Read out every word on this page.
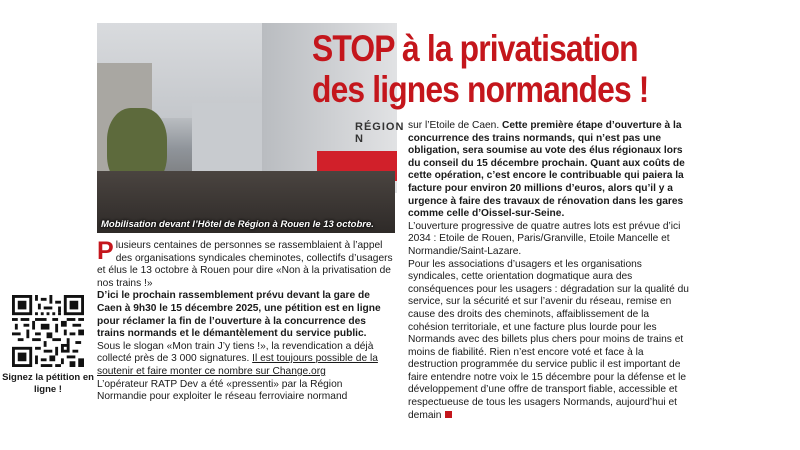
RÉGION N
Mobilisation devant l’Hôtel de Région à Rouen le 13 octobre.
STOP à la privatisation
des lignes normandes !

Plusieurs centaines de personnes se rassemblaient à l’appel des organisations syndicales cheminotes, collectifs d’usagers et élus le 13 octobre à Rouen pour dire «Non à la privatisation de nos trains !»

D’ici le prochain rassemblement prévu devant la gare de Caen à 9h30 le 15 décembre 2025, une pétition est en ligne pour réclamer la fin de l’ouverture à la concurrence des trains normands et le démantèlement du service public.

Sous le slogan «Mon train J’y tiens !», la revendication a déjà collecté près de 3 000 signatures. Il est toujours possible de la soutenir et faire monter ce nombre sur Change.org

L’opérateur RATP Dev a été «pressenti» par la Région Normandie pour exploiter le réseau ferroviaire normand

sur l’Etoile de Caen. Cette première étape d’ouverture à la concurrence des trains normands, qui n’est pas une obligation, sera soumise au vote des élus régionaux lors du conseil du 15 décembre prochain. Quant aux coûts de cette opération, c’est encore le contribuable qui paiera la facture pour environ 20 millions d’euros, alors qu’il y a urgence à faire des travaux de rénovation dans les gares comme celle d’Oissel-sur-Seine.

L’ouverture progressive de quatre autres lots est prévue d’ici 2034 : Etoile de Rouen, Paris/Granville, Etoile Mancelle et Normandie/Saint-Lazare.

Pour les associations d’usagers et les organisations syndicales, cette orientation dogmatique aura des conséquences pour les usagers : dégradation sur la qualité du service, sur la sécurité et sur l’avenir du réseau, remise en cause des droits des cheminots, affaiblissement de la cohésion territoriale, et une facture plus lourde pour les Normands avec des billets plus chers pour moins de trains et moins de fiabilité. Rien n’est encore voté et face à la destruction programmée du service public il est important de faire entendre notre voix le 15 décembre pour la défense et le développement d’une offre de transport fiable, accessible et respectueuse de tous les usagers Normands, aujourd’hui et demain

Signez la pétition en ligne !
